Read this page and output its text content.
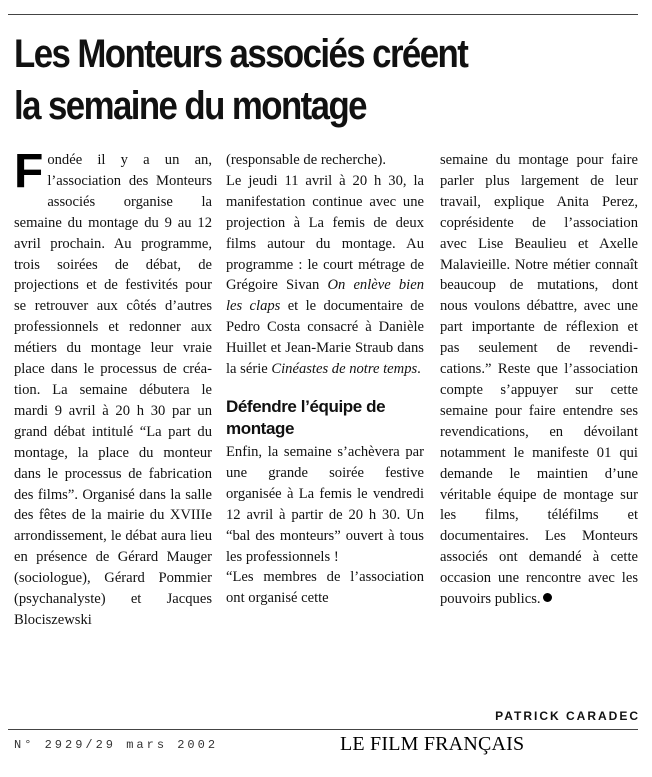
Les Monteurs associés créent
la semaine du montage

Fondée il y a un an, l’association des Monteurs associés organise la semaine du montage du 9 au 12 avril prochain. Au programme, trois soirées de débat, de projections et de festivités pour se retrouver aux côtés d’autres professionnels et redonner aux métiers du montage leur vraie place dans le processus de création. La semaine débutera le mardi 9 avril à 20 h 30 par un grand débat intitulé “La part du montage, la place du monteur dans le processus de fabrication des films”. Organisé dans la salle des fêtes de la mairie du XVIIIe arrondissement, le débat aura lieu en présence de Gérard Mauger (sociologue), Gérard Pommier (psychanalyste) et Jacques Blociszewski

(responsable de recherche).

Le jeudi 11 avril à 20 h 30, la manifestation continue avec une projection à La femis de deux films autour du montage. Au programme : le court métrage de Grégoire Sivan On enlève bien les claps et le documentaire de Pedro Costa consacré à Danièle Huillet et Jean-Marie Straub dans la série Cinéastes de notre temps.

Défendre l’équipe de montage

Enfin, la semaine s’achèvera par une grande soirée festive organisée à La femis le vendredi 12 avril à partir de 20 h 30. Un “bal des monteurs” ouvert à tous les professionnels !

“Les membres de l’association ont organisé cette

semaine du montage pour faire parler plus largement de leur travail, explique Anita Perez, coprésidente de l’association avec Lise Beaulieu et Axelle Malavieille. Notre métier connaît beaucoup de mutations, dont nous voulons débattre, avec une part importante de réflexion et pas seulement de revendications.” Reste que l’association compte s’appuyer sur cette semaine pour faire entendre ses revendications, en dévoilant notamment le manifeste 01 qui demande le maintien d’une véritable équipe de montage sur les films, téléfilms et documentaires. Les Monteurs associés ont demandé à cette occasion une rencontre avec les pouvoirs publics.

PATRICK CARADEC

N° 2929/29 mars 2002	LE FILM FRANÇAIS
